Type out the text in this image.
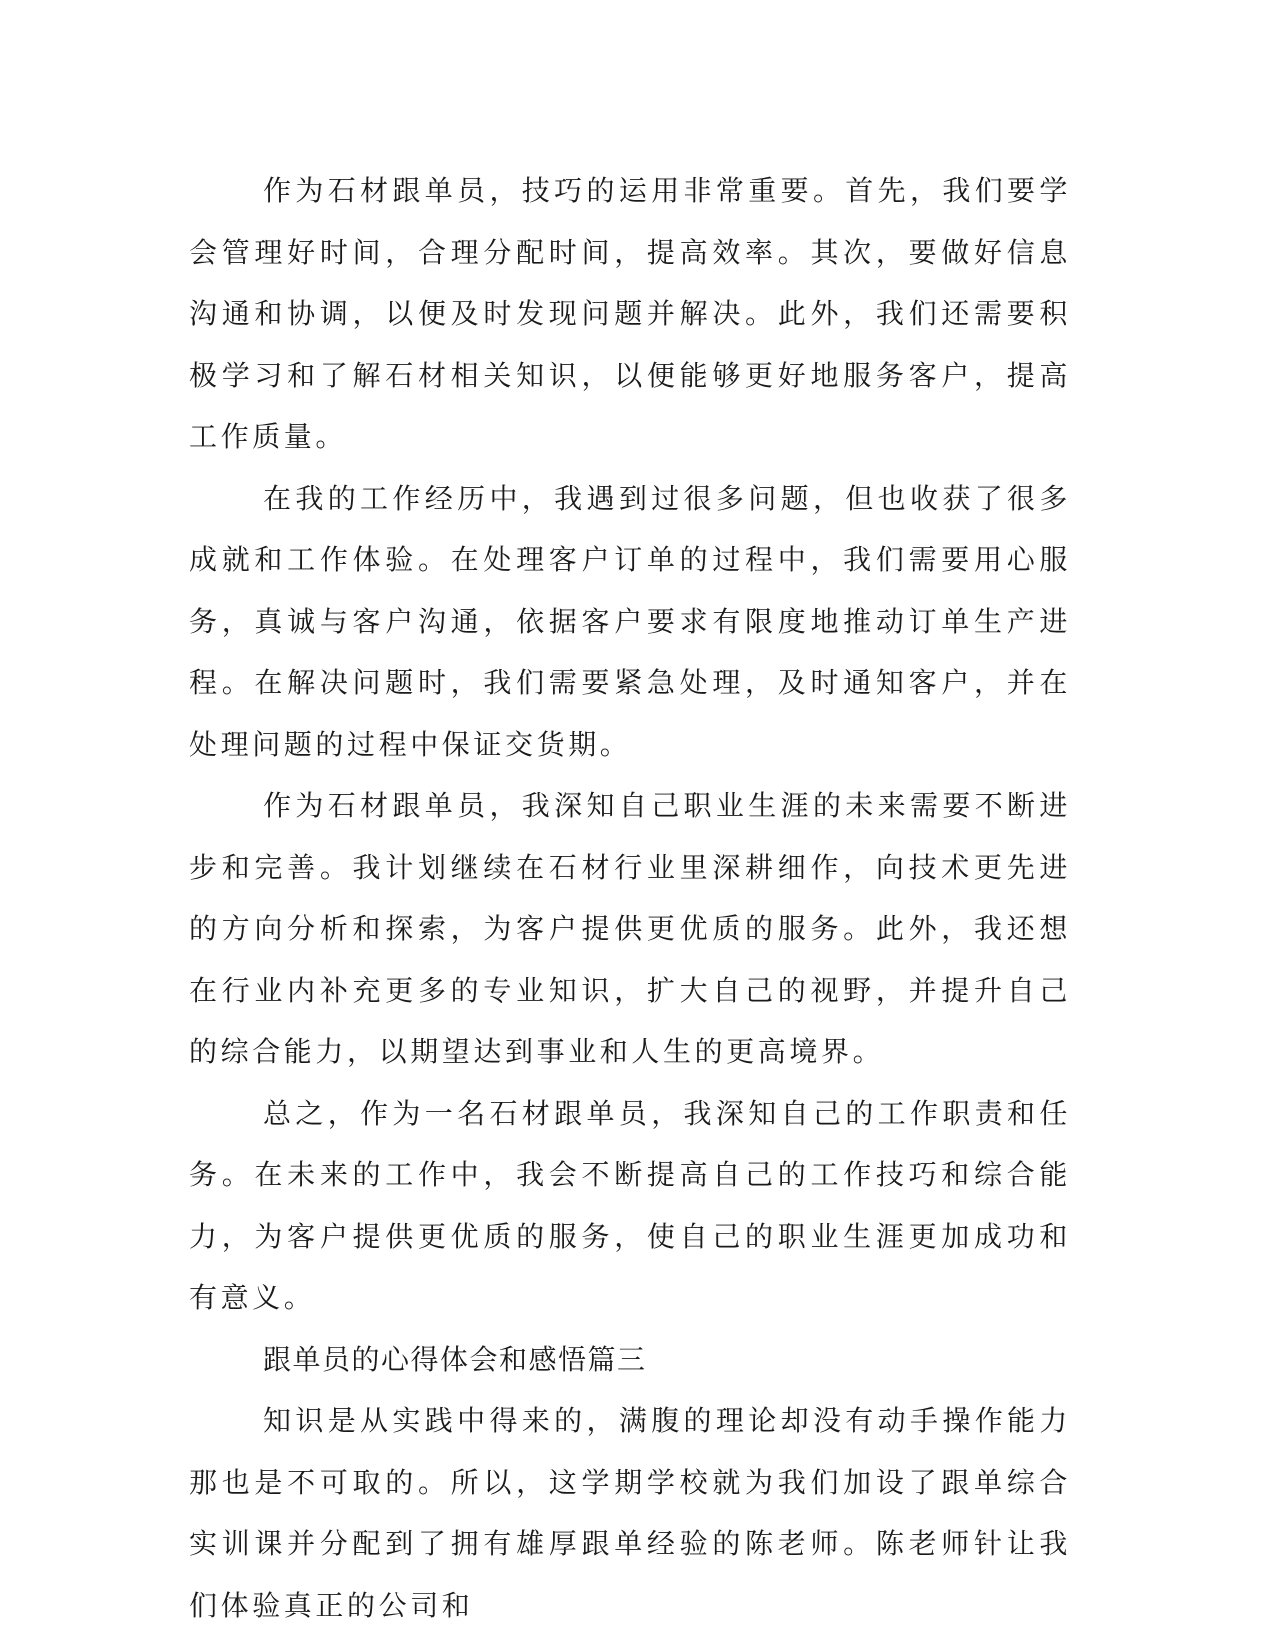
作为石材跟单员，技巧的运用非常重要。首先，我们要学会管理好时间，合理分配时间，提高效率。其次，要做好信息沟通和协调，以便及时发现问题并解决。此外，我们还需要积极学习和了解石材相关知识，以便能够更好地服务客户，提高工作质量。

在我的工作经历中，我遇到过很多问题，但也收获了很多成就和工作体验。在处理客户订单的过程中，我们需要用心服务，真诚与客户沟通，依据客户要求有限度地推动订单生产进程。在解决问题时，我们需要紧急处理，及时通知客户，并在处理问题的过程中保证交货期。

作为石材跟单员，我深知自己职业生涯的未来需要不断进步和完善。我计划继续在石材行业里深耕细作，向技术更先进的方向分析和探索，为客户提供更优质的服务。此外，我还想在行业内补充更多的专业知识，扩大自己的视野，并提升自己的综合能力，以期望达到事业和人生的更高境界。

总之，作为一名石材跟单员，我深知自己的工作职责和任务。在未来的工作中，我会不断提高自己的工作技巧和综合能力，为客户提供更优质的服务，使自己的职业生涯更加成功和有意义。

跟单员的心得体会和感悟篇三

知识是从实践中得来的，满腹的理论却没有动手操作能力那也是不可取的。所以，这学期学校就为我们加设了跟单综合实训课并分配到了拥有雄厚跟单经验的陈老师。陈老师针让我们体验真正的公司和
